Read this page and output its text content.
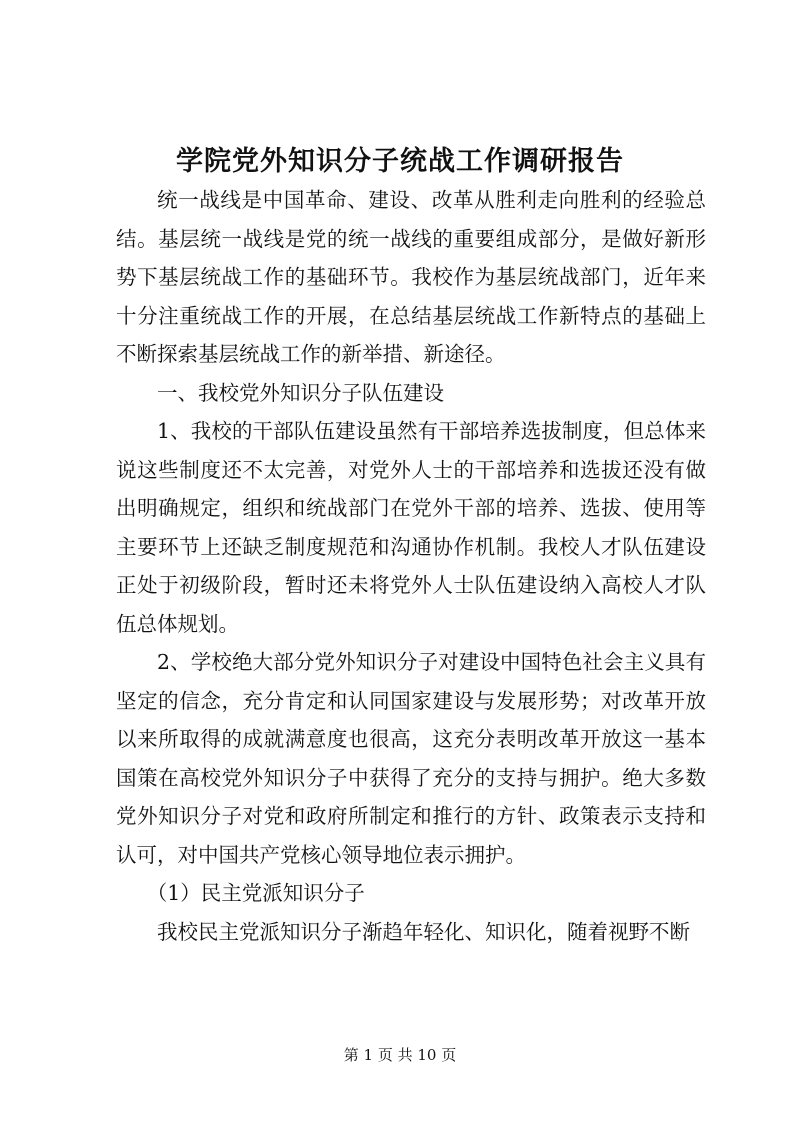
学院党外知识分子统战工作调研报告

统一战线是中国革命、建设、改革从胜利走向胜利的经验总结。基层统一战线是党的统一战线的重要组成部分，是做好新形势下基层统战工作的基础环节。我校作为基层统战部门，近年来十分注重统战工作的开展，在总结基层统战工作新特点的基础上不断探索基层统战工作的新举措、新途径。

一、我校党外知识分子队伍建设

1、我校的干部队伍建设虽然有干部培养选拔制度，但总体来说这些制度还不太完善，对党外人士的干部培养和选拔还没有做出明确规定，组织和统战部门在党外干部的培养、选拔、使用等主要环节上还缺乏制度规范和沟通协作机制。我校人才队伍建设正处于初级阶段，暂时还未将党外人士队伍建设纳入高校人才队伍总体规划。

2、学校绝大部分党外知识分子对建设中国特色社会主义具有坚定的信念，充分肯定和认同国家建设与发展形势；对改革开放以来所取得的成就满意度也很高，这充分表明改革开放这一基本国策在高校党外知识分子中获得了充分的支持与拥护。绝大多数党外知识分子对党和政府所制定和推行的方针、政策表示支持和认可，对中国共产党核心领导地位表示拥护。

（1）民主党派知识分子

我校民主党派知识分子渐趋年轻化、知识化，随着视野不断

第 1 页 共 10 页
